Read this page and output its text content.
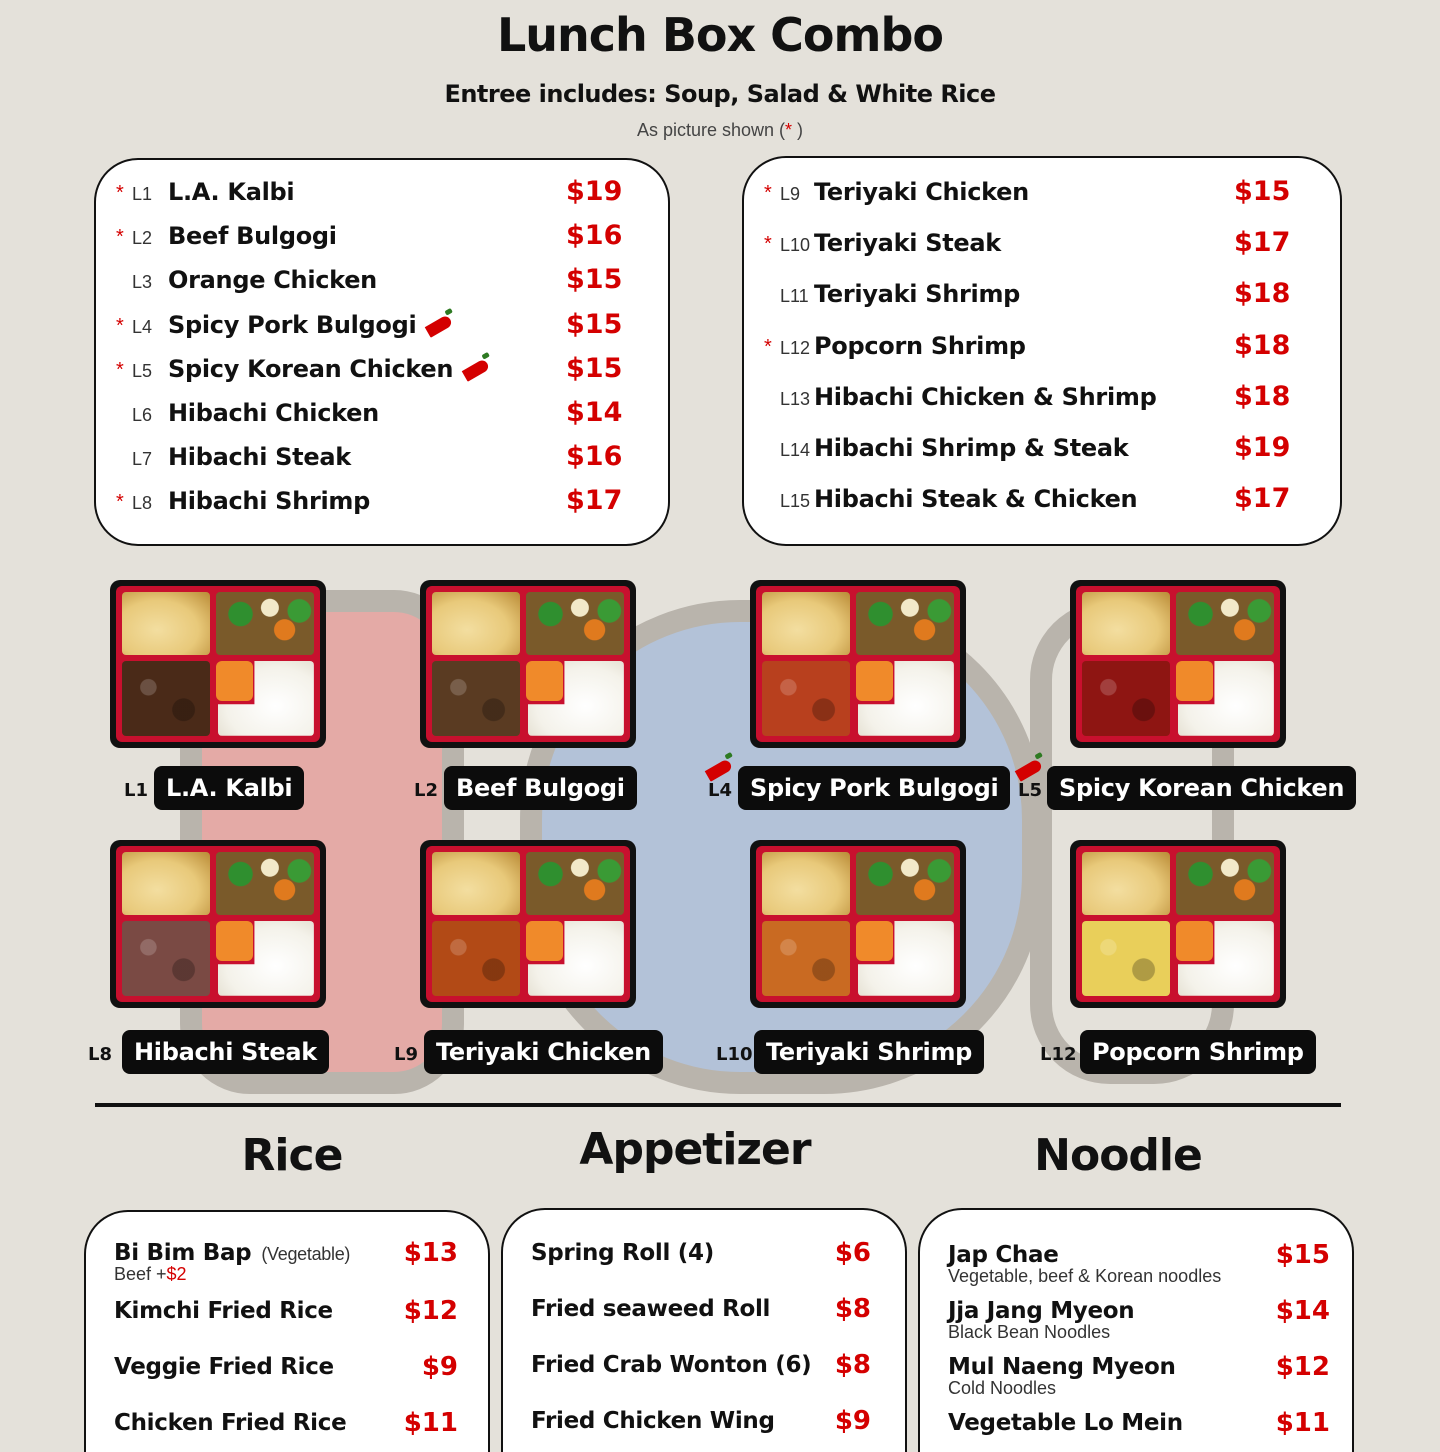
Lunch Box Combo
Entree includes: Soup, Salad & White Rice
As picture shown (* )
* L1 L.A. Kalbi	$19
* L2 Beef Bulgogi	$16
L3 Orange Chicken	$15
* L4 Spicy Pork Bulgogi	$15
* L5 Spicy Korean Chicken	$15
L6 Hibachi Chicken	$14
L7 Hibachi Steak	$16
* L8 Hibachi Shrimp	$17
* L9 Teriyaki Chicken	$15
* L10 Teriyaki Steak	$17
L11 Teriyaki Shrimp	$18
* L12 Popcorn Shrimp	$18
L13 Hibachi Chicken & Shrimp	$18
L14 Hibachi Shrimp & Steak	$19
L15 Hibachi Steak & Chicken	$17
L1 L.A. Kalbi	L2 Beef Bulgogi	L4 Spicy Pork Bulgogi	L5 Spicy Korean Chicken
L8 Hibachi Steak	L9 Teriyaki Chicken	L10 Teriyaki Shrimp	L12 Popcorn Shrimp
Rice	Appetizer	Noodle
Bi Bim Bap (Vegetable)	$13
Beef +$2
Kimchi Fried Rice	$12
Veggie Fried Rice	$9
Chicken Fried Rice	$11
Spring Roll (4)	$6
Fried seaweed Roll	$8
Fried Crab Wonton (6) $8
Fried Chicken Wing	$9
Jap Chae	$15
Vegetable, beef & Korean noodles
Jja Jang Myeon	$14
Black Bean Noodles
Mul Naeng Myeon	$12
Cold Noodles
Vegetable Lo Mein	$11
